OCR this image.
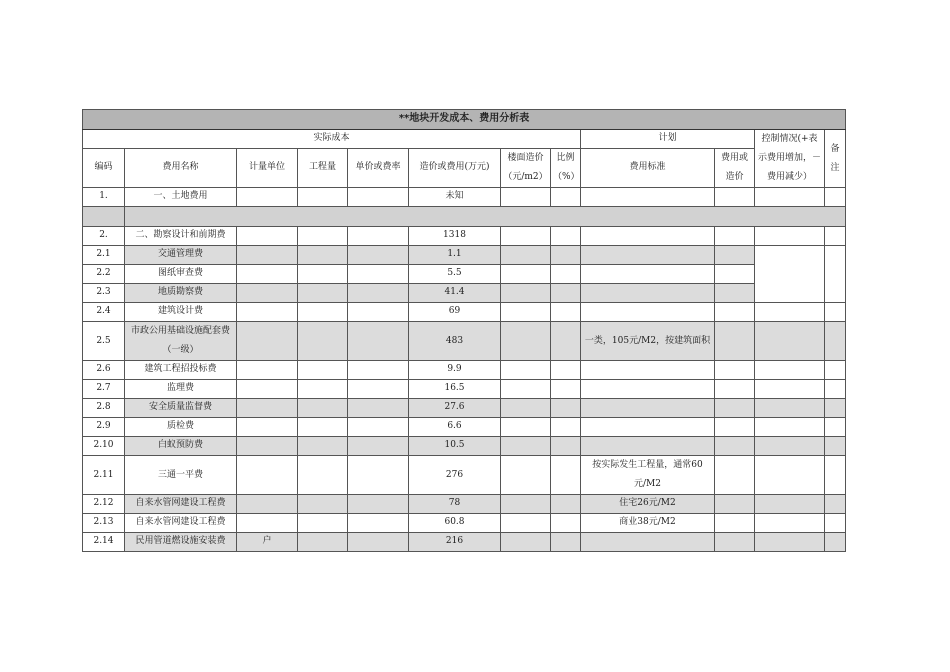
**地块开发成本、费用分析表											
实际成本								计划		控制情况(+表示费用增加，－费用减少）	备注
编码	费用名称	计量单位	工程量	单价或费率	造价或费用(万元)	楼面造价（元/m2）	比例（%）	费用标准	费用或造价		
1.	一、土地费用				未知						

2.	二、勘察设计和前期费				1318						
2.1	交通管理费				1.1						
2.2	图纸审查费				5.5						
2.3	地质勘察费				41.4						
2.4	建筑设计费				69						
2.5	市政公用基础设施配套费（一级）				483			一类，105元/M2，按建筑面积			
2.6	建筑工程招投标费				9.9						
2.7	监理费				16.5						
2.8	安全质量监督费				27.6						
2.9	质检费				6.6						
2.10	白蚁预防费				10.5						
2.11	三通一平费				276			按实际发生工程量，通常60元/M2			
2.12	自来水管网建设工程费				78			住宅26元/M2			
2.13	自来水管网建设工程费				60.8			商业38元/M2			
2.14	民用管道燃设施安装费	户			216						
